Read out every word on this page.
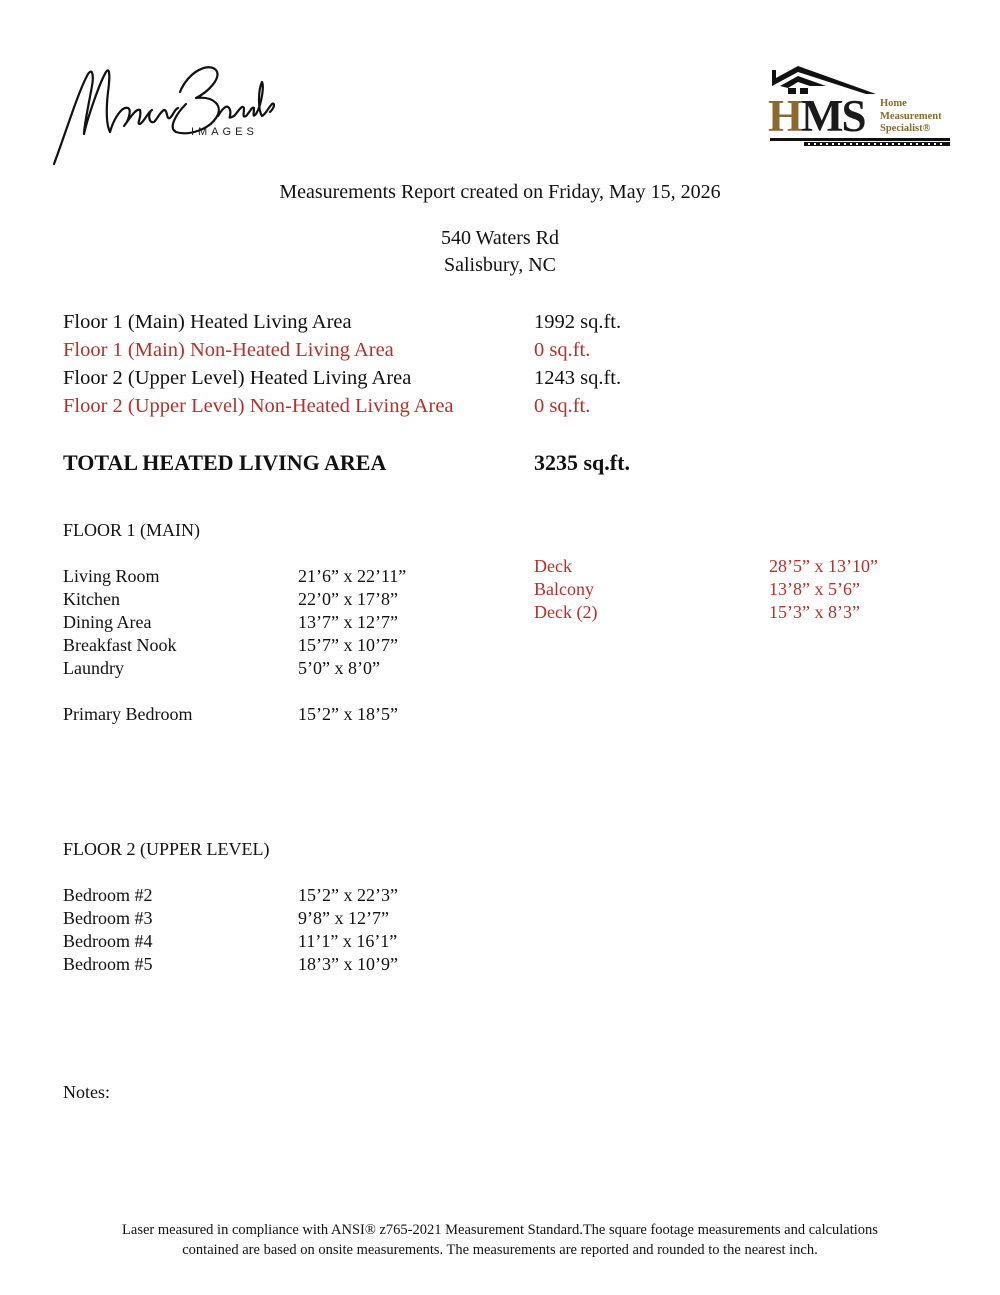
IMAGES	HMS Home
Measurement
Specialist®
Measurements Report created on Friday, May 15, 2026
540 Waters Rd
Salisbury, NC
Floor 1 (Main) Heated Living Area	1992 sq.ft.
Floor 1 (Main) Non-Heated Living Area	0 sq.ft.
Floor 2 (Upper Level) Heated Living Area	1243 sq.ft.
Floor 2 (Upper Level) Non-Heated Living Area	0 sq.ft.
TOTAL HEATED LIVING AREA	3235 sq.ft.
FLOOR 1 (MAIN)
Living Room	21’6” x 22’11”
Kitchen	22’0” x 17’8”
Dining Area	13’7” x 12’7”
Breakfast Nook	15’7” x 10’7”
Laundry	5’0” x 8’0”
Primary Bedroom	15’2” x 18’5”
Deck	28’5” x 13’10”
Balcony	13’8” x 5’6”
Deck (2)	15’3” x 8’3”
FLOOR 2 (UPPER LEVEL)
Bedroom #2	15’2” x 22’3”
Bedroom #3	9’8” x 12’7”
Bedroom #4	11’1” x 16’1”
Bedroom #5	18’3” x 10’9”
Notes:
Laser measured in compliance with ANSI® z765-2021 Measurement Standard.The square footage measurements and calculations
contained are based on onsite measurements. The measurements are reported and rounded to the nearest inch.
